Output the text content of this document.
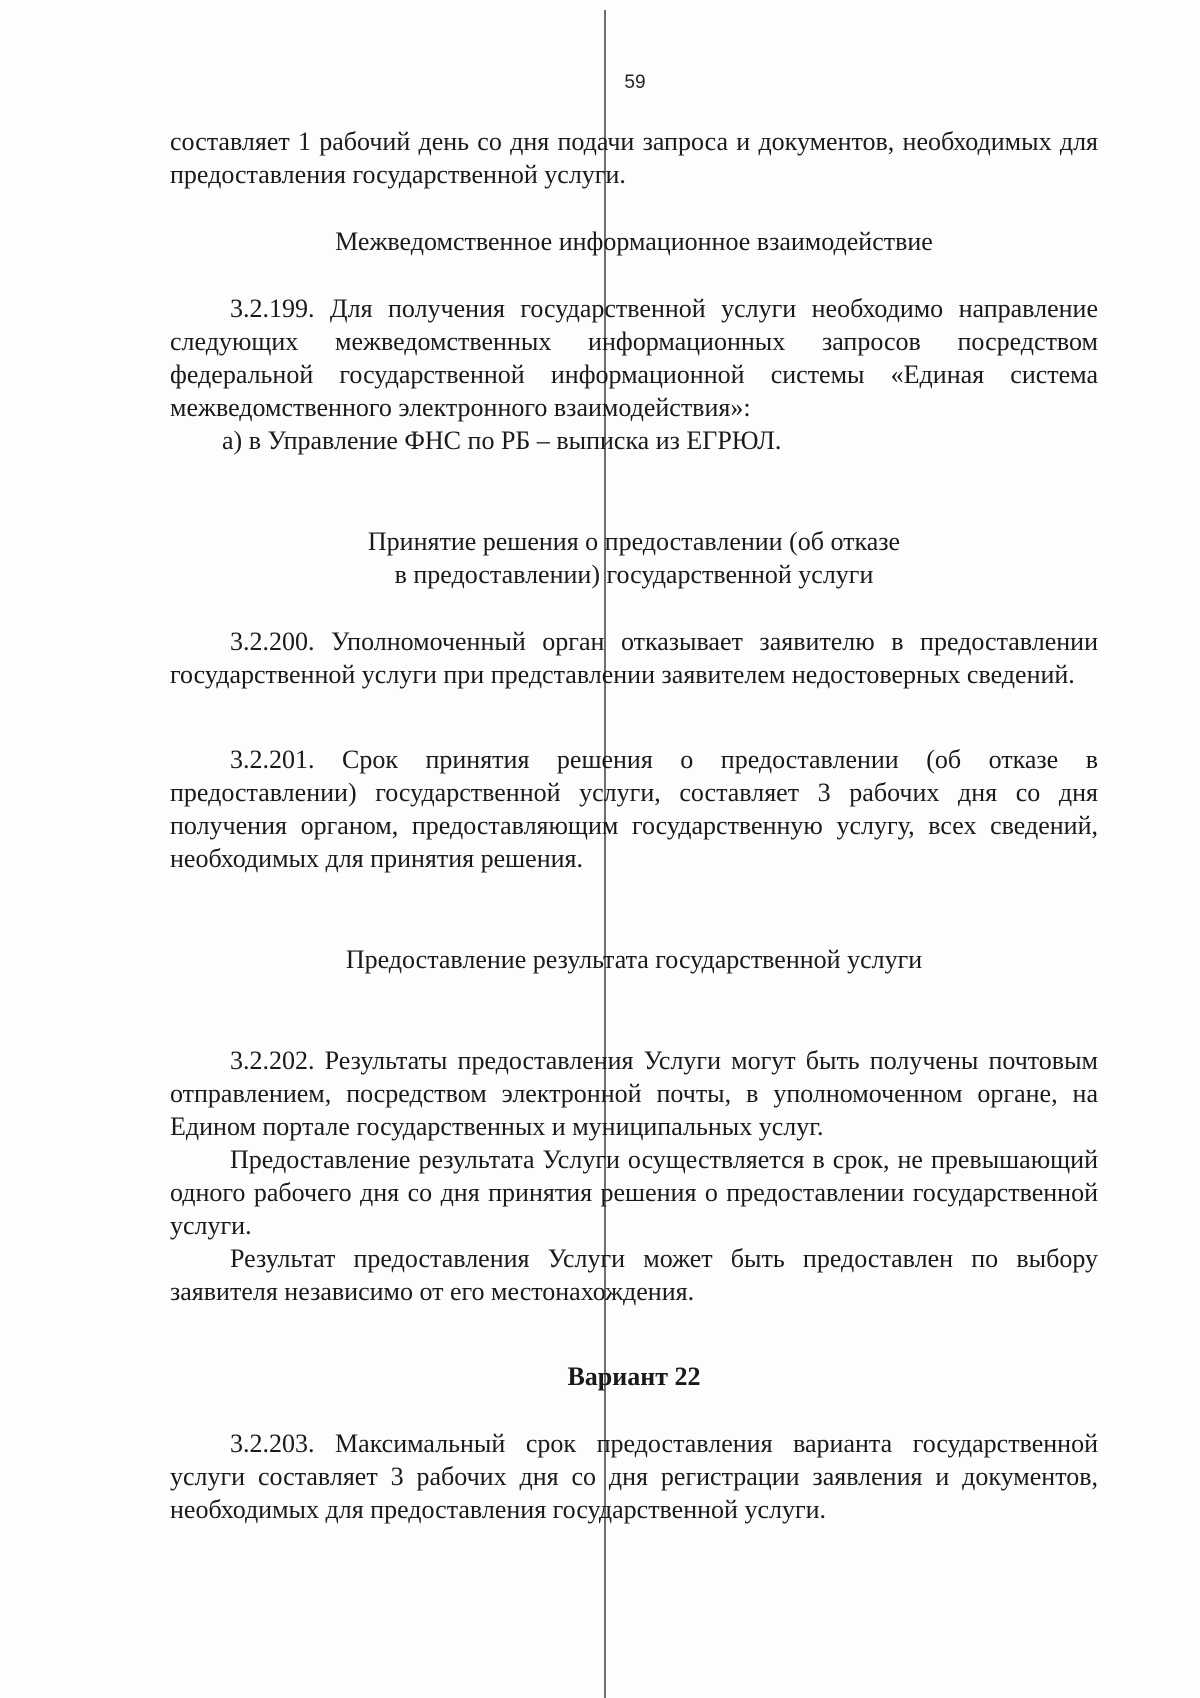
59

составляет 1 рабочий день со дня подачи запроса и документов, необходимых для предоставления государственной услуги.

Межведомственное информационное взаимодействие

3.2.199. Для получения государственной услуги необходимо направление следующих межведомственных информационных запросов посредством федеральной государственной информационной системы «Единая система межведомственного электронного взаимодействия»:

а) в Управление ФНС по РБ – выписка из ЕГРЮЛ.

Принятие решения о предоставлении (об отказе

в предоставлении) государственной услуги

3.2.200. Уполномоченный орган отказывает заявителю в предоставлении государственной услуги при представлении заявителем недостоверных сведений.

3.2.201. Срок принятия решения о предоставлении (об отказе в предоставлении) государственной услуги, составляет 3 рабочих дня со дня получения органом, предоставляющим государственную услугу, всех сведений, необходимых для принятия решения.

Предоставление результата государственной услуги

3.2.202. Результаты предоставления Услуги могут быть получены почтовым отправлением, посредством электронной почты, в уполномоченном органе, на Едином портале государственных и муниципальных услуг.

Предоставление результата Услуги осуществляется в срок, не превышающий одного рабочего дня со дня принятия решения о предоставлении государственной услуги.

Результат предоставления Услуги может быть предоставлен по выбору заявителя независимо от его местонахождения.

Вариант 22

3.2.203. Максимальный срок предоставления варианта государственной услуги составляет 3 рабочих дня со дня регистрации заявления и документов, необходимых для предоставления государственной услуги.
